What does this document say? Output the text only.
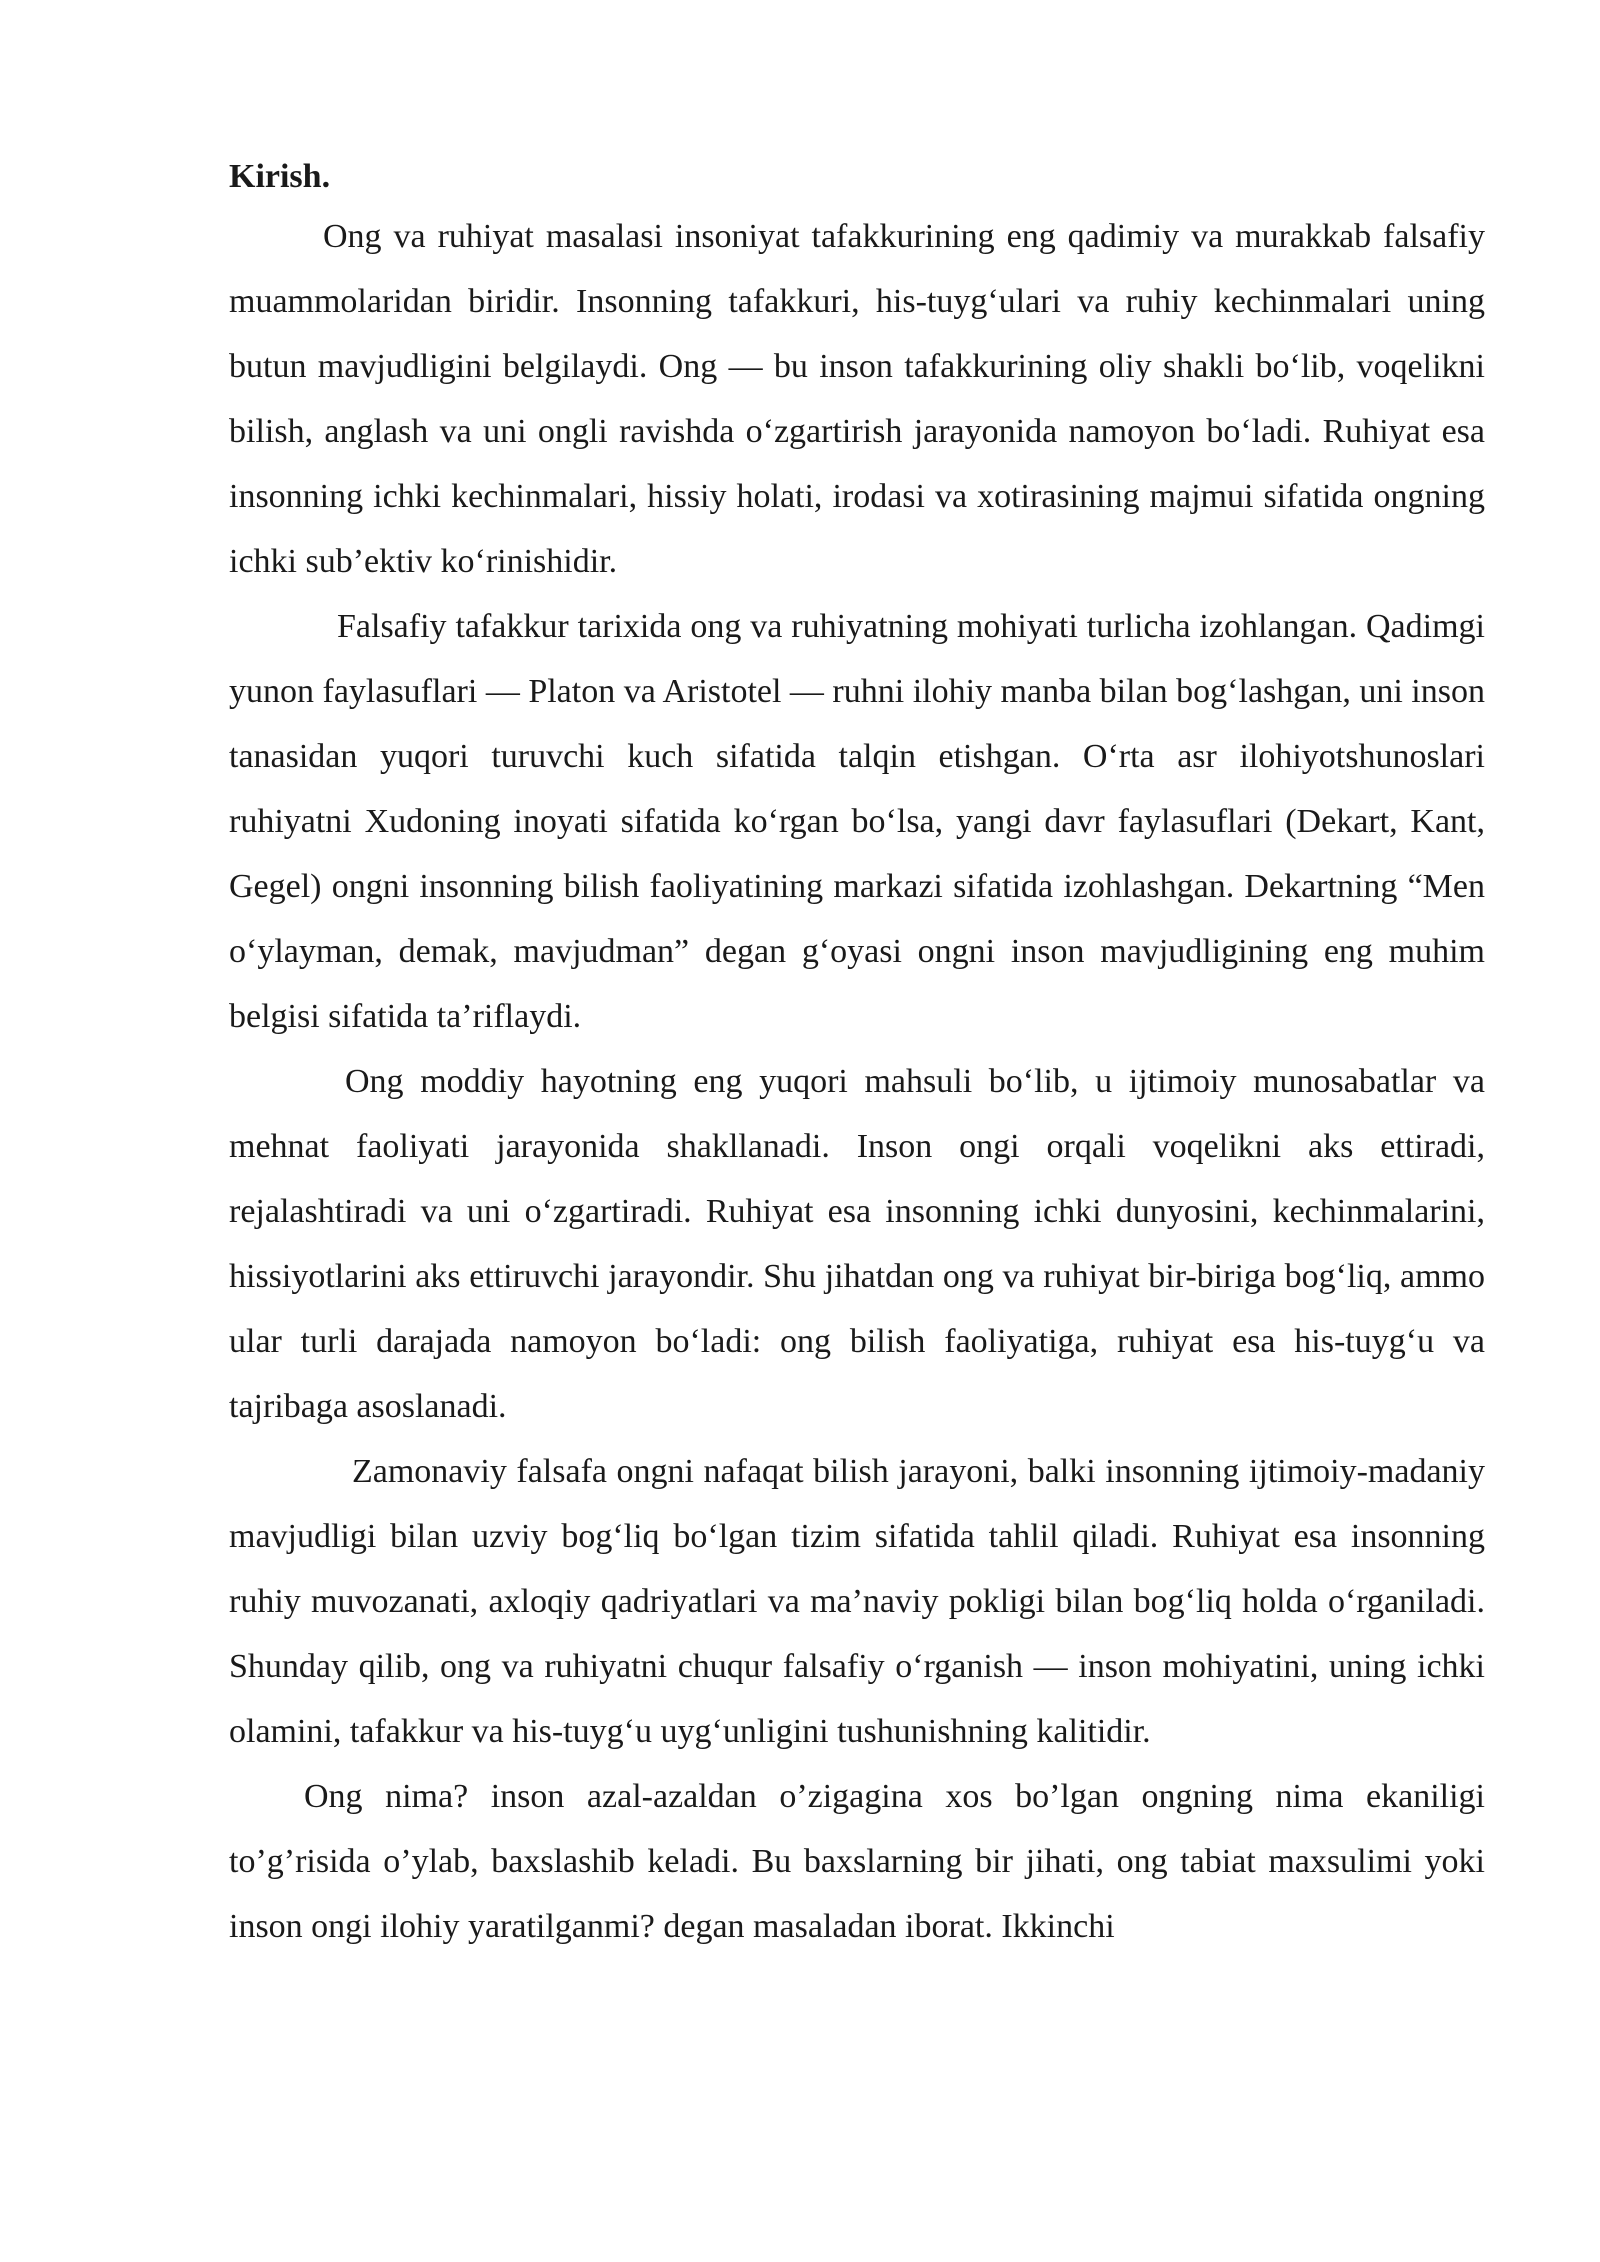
Kirish.

Ong va ruhiyat masalasi insoniyat tafakkurining eng qadimiy va murakkab falsafiy muammolaridan biridir. Insonning tafakkuri, his-tuyg‘ulari va ruhiy kechinmalari uning butun mavjudligini belgilaydi. Ong — bu inson tafakkurining oliy shakli bo‘lib, voqelikni bilish, anglash va uni ongli ravishda o‘zgartirish jarayonida namoyon bo‘ladi. Ruhiyat esa insonning ichki kechinmalari, hissiy holati, irodasi va xotirasining majmui sifatida ongning ichki sub’ektiv ko‘rinishidir.

Falsafiy tafakkur tarixida ong va ruhiyatning mohiyati turlicha izohlangan. Qadimgi yunon faylasuflari — Platon va Aristotel — ruhni ilohiy manba bilan bog‘lashgan, uni inson tanasidan yuqori turuvchi kuch sifatida talqin etishgan. O‘rta asr ilohiyotshunoslari ruhiyatni Xudoning inoyati sifatida ko‘rgan bo‘lsa, yangi davr faylasuflari (Dekart, Kant, Gegel) ongni insonning bilish faoliyatining markazi sifatida izohlashgan. Dekartning “Men o‘ylayman, demak, mavjudman” degan g‘oyasi ongni inson mavjudligining eng muhim belgisi sifatida ta’riflaydi.

Ong moddiy hayotning eng yuqori mahsuli bo‘lib, u ijtimoiy munosabatlar va mehnat faoliyati jarayonida shakllanadi. Inson ongi orqali voqelikni aks ettiradi, rejalashtiradi va uni o‘zgartiradi. Ruhiyat esa insonning ichki dunyosini, kechinmalarini, hissiyotlarini aks ettiruvchi jarayondir. Shu jihatdan ong va ruhiyat bir-biriga bog‘liq, ammo ular turli darajada namoyon bo‘ladi: ong bilish faoliyatiga, ruhiyat esa his-tuyg‘u va tajribaga asoslanadi.

Zamonaviy falsafa ongni nafaqat bilish jarayoni, balki insonning ijtimoiy-madaniy mavjudligi bilan uzviy bog‘liq bo‘lgan tizim sifatida tahlil qiladi. Ruhiyat esa insonning ruhiy muvozanati, axloqiy qadriyatlari va ma’naviy pokligi bilan bog‘liq holda o‘rganiladi. Shunday qilib, ong va ruhiyatni chuqur falsafiy o‘rganish — inson mohiyatini, uning ichki olamini, tafakkur va his-tuyg‘u uyg‘unligini tushunishning kalitidir.

Ong nima? inson azal-azaldan o’zigagina xos bo’lgan ongning nima ekaniligi to’g’risida o’ylab, baxslashib keladi. Bu baxslarning bir jihati, ong tabiat maxsulimi yoki inson ongi ilohiy yaratilganmi? degan masaladan iborat. Ikkinchi
